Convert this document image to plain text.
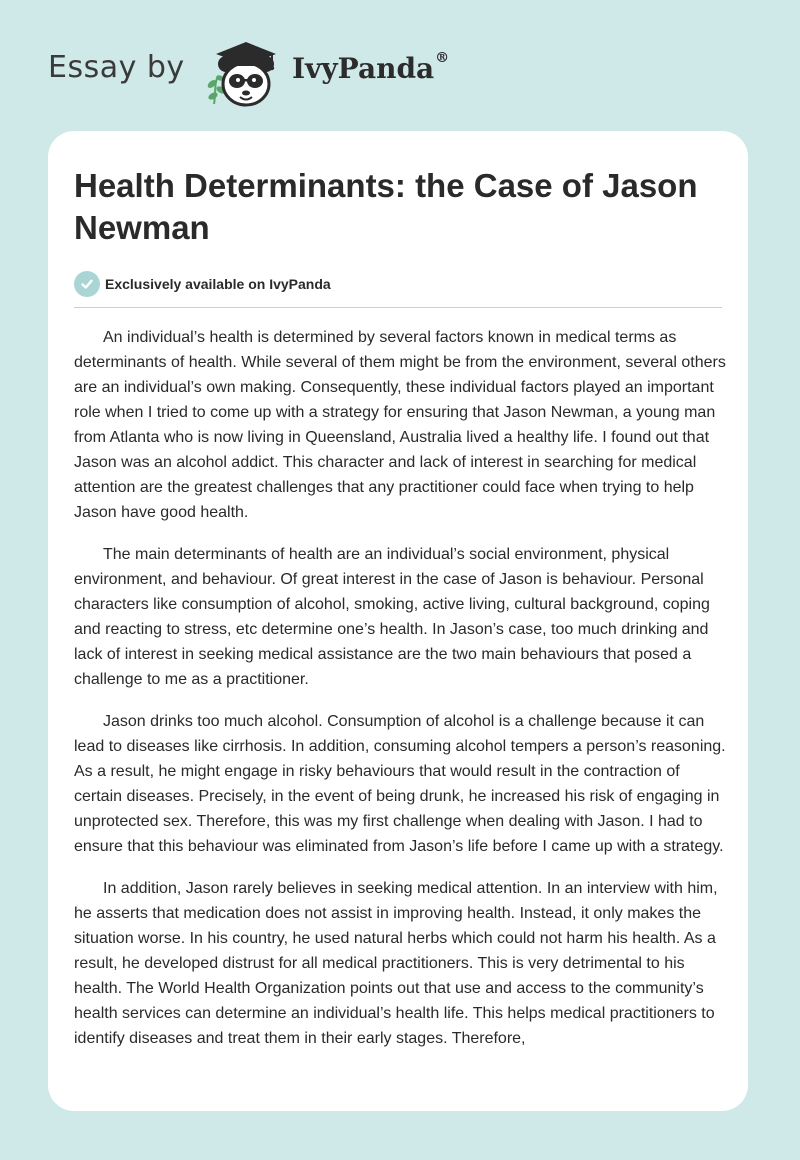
Essay by	IvyPanda®
Health Determinants: the Case of Jason Newman
Exclusively available on IvyPanda

An individual’s health is determined by several factors known in medical terms as determinants of health. While several of them might be from the environment, several others are an individual’s own making. Consequently, these individual factors played an important role when I tried to come up with a strategy for ensuring that Jason Newman, a young man from Atlanta who is now living in Queensland, Australia lived a healthy life. I found out that Jason was an alcohol addict. This character and lack of interest in searching for medical attention are the greatest challenges that any practitioner could face when trying to help Jason have good health.

The main determinants of health are an individual’s social environment, physical environment, and behaviour. Of great interest in the case of Jason is behaviour. Personal characters like consumption of alcohol, smoking, active living, cultural background, coping and reacting to stress, etc determine one’s health. In Jason’s case, too much drinking and lack of interest in seeking medical assistance are the two main behaviours that posed a challenge to me as a practitioner.

Jason drinks too much alcohol. Consumption of alcohol is a challenge because it can lead to diseases like cirrhosis. In addition, consuming alcohol tempers a person’s reasoning. As a result, he might engage in risky behaviours that would result in the contraction of certain diseases. Precisely, in the event of being drunk, he increased his risk of engaging in unprotected sex. Therefore, this was my first challenge when dealing with Jason. I had to ensure that this behaviour was eliminated from Jason’s life before I came up with a strategy.

In addition, Jason rarely believes in seeking medical attention. In an interview with him, he asserts that medication does not assist in improving health. Instead, it only makes the situation worse. In his country, he used natural herbs which could not harm his health. As a result, he developed distrust for all medical practitioners. This is very detrimental to his health. The World Health Organization points out that use and access to the community’s health services can determine an individual’s health life. This helps medical practitioners to identify diseases and treat them in their early stages. Therefore,
